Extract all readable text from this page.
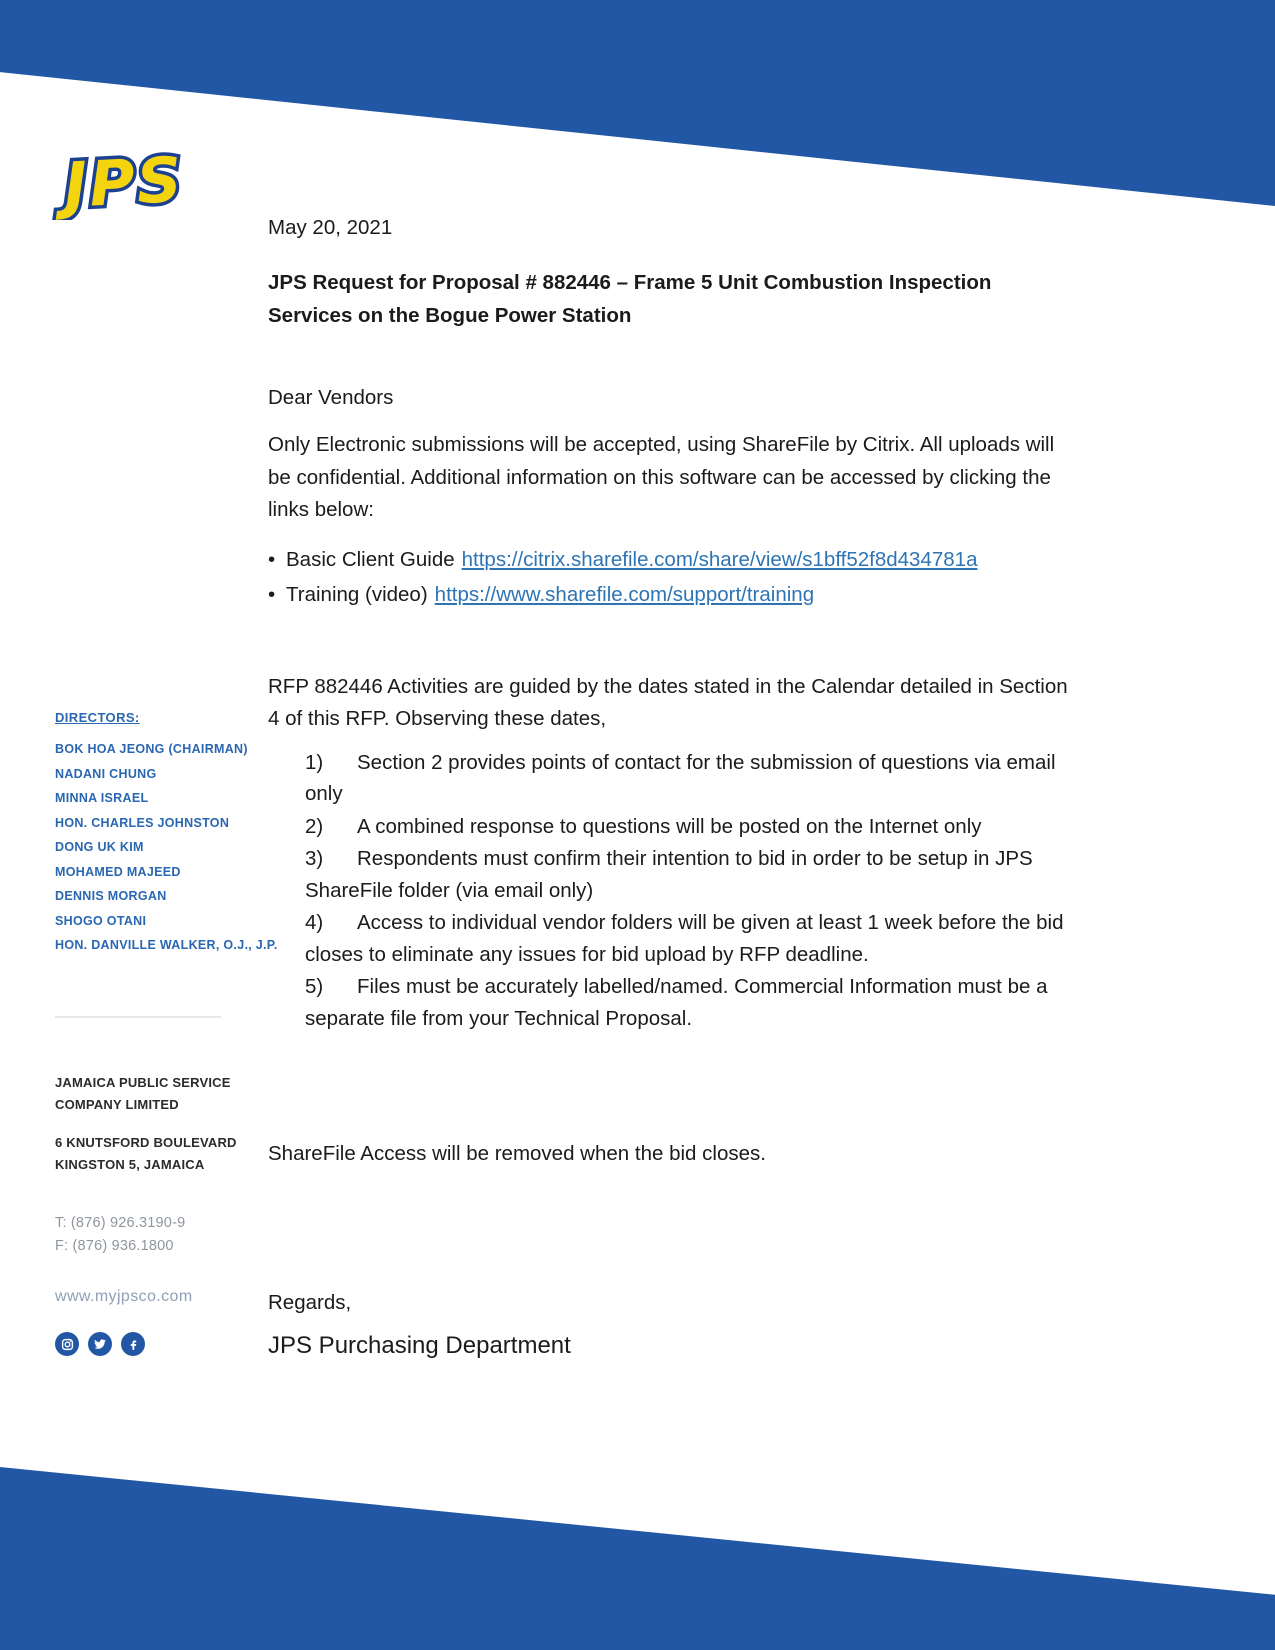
JPS
DIRECTORS:
BOK HOA JEONG (CHAIRMAN)
NADANI CHUNG
MINNA ISRAEL
HON. CHARLES JOHNSTON
DONG UK KIM
MOHAMED MAJEED
DENNIS MORGAN
SHOGO OTANI
HON. DANVILLE WALKER, O.J., J.P.
JAMAICA PUBLIC SERVICE
COMPANY LIMITED
6 KNUTSFORD BOULEVARD
KINGSTON 5, JAMAICA
T: (876) 926.3190-9
F: (876) 936.1800
www.myjpsco.com
May 20, 2021
JPS Request for Proposal # 882446 – Frame 5 Unit Combustion Inspection
Services on the Bogue Power Station
Dear Vendors
Only Electronic submissions will be accepted, using ShareFile by Citrix. All uploads will be confidential. Additional information on this software can be accessed by clicking the links below:
• Basic Client Guide https://citrix.sharefile.com/share/view/s1bff52f8d434781a
• Training (video) https://www.sharefile.com/support/training
RFP 882446 Activities are guided by the dates stated in the Calendar detailed in Section 4 of this RFP. Observing these dates,
1) Section 2 provides points of contact for the submission of questions via email only
2) A combined response to questions will be posted on the Internet only
3) Respondents must confirm their intention to bid in order to be setup in JPS ShareFile folder (via email only)
4) Access to individual vendor folders will be given at least 1 week before the bid closes to eliminate any issues for bid upload by RFP deadline.
5) Files must be accurately labelled/named. Commercial Information must be a separate file from your Technical Proposal.
ShareFile Access will be removed when the bid closes.
Regards,
JPS Purchasing Department
